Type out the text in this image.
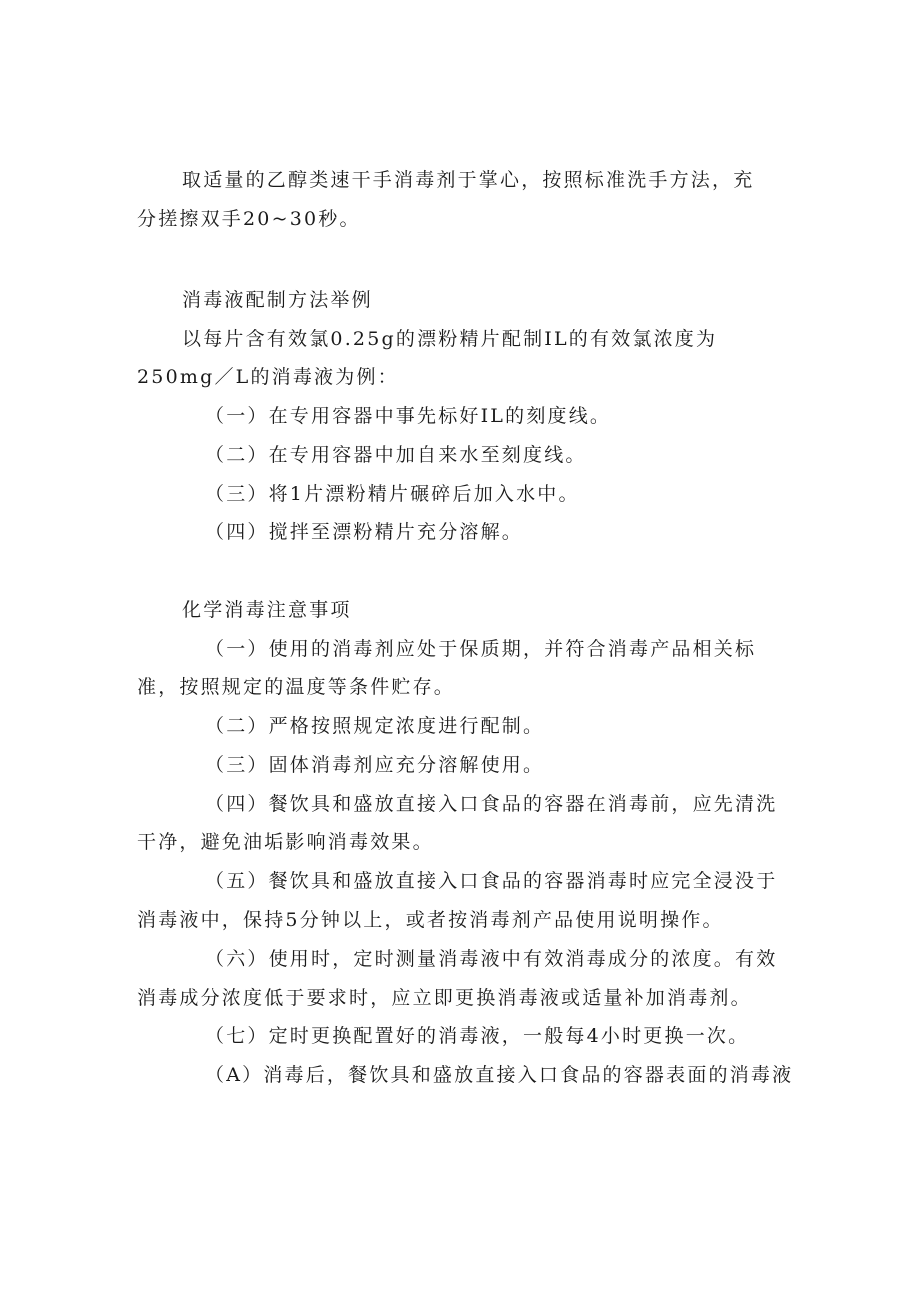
取适量的乙醇类速干手消毒剂于掌心，按照标准洗手方法，充
分搓擦双手20~30秒。
消毒液配制方法举例
以每片含有效氯0.25g的漂粉精片配制IL的有效氯浓度为
250mg／L的消毒液为例：
（一）在专用容器中事先标好IL的刻度线。
（二）在专用容器中加自来水至刻度线。
（三）将1片漂粉精片碾碎后加入水中。
（四）搅拌至漂粉精片充分溶解。
化学消毒注意事项
（一）使用的消毒剂应处于保质期，并符合消毒产品相关标
准，按照规定的温度等条件贮存。
（二）严格按照规定浓度进行配制。
（三）固体消毒剂应充分溶解使用。
（四）餐饮具和盛放直接入口食品的容器在消毒前，应先清洗
干净，避免油垢影响消毒效果。
（五）餐饮具和盛放直接入口食品的容器消毒时应完全浸没于
消毒液中，保持5分钟以上，或者按消毒剂产品使用说明操作。
（六）使用时，定时测量消毒液中有效消毒成分的浓度。有效
消毒成分浓度低于要求时，应立即更换消毒液或适量补加消毒剂。
（七）定时更换配置好的消毒液，一般每4小时更换一次。
（A）消毒后，餐饮具和盛放直接入口食品的容器表面的消毒液
